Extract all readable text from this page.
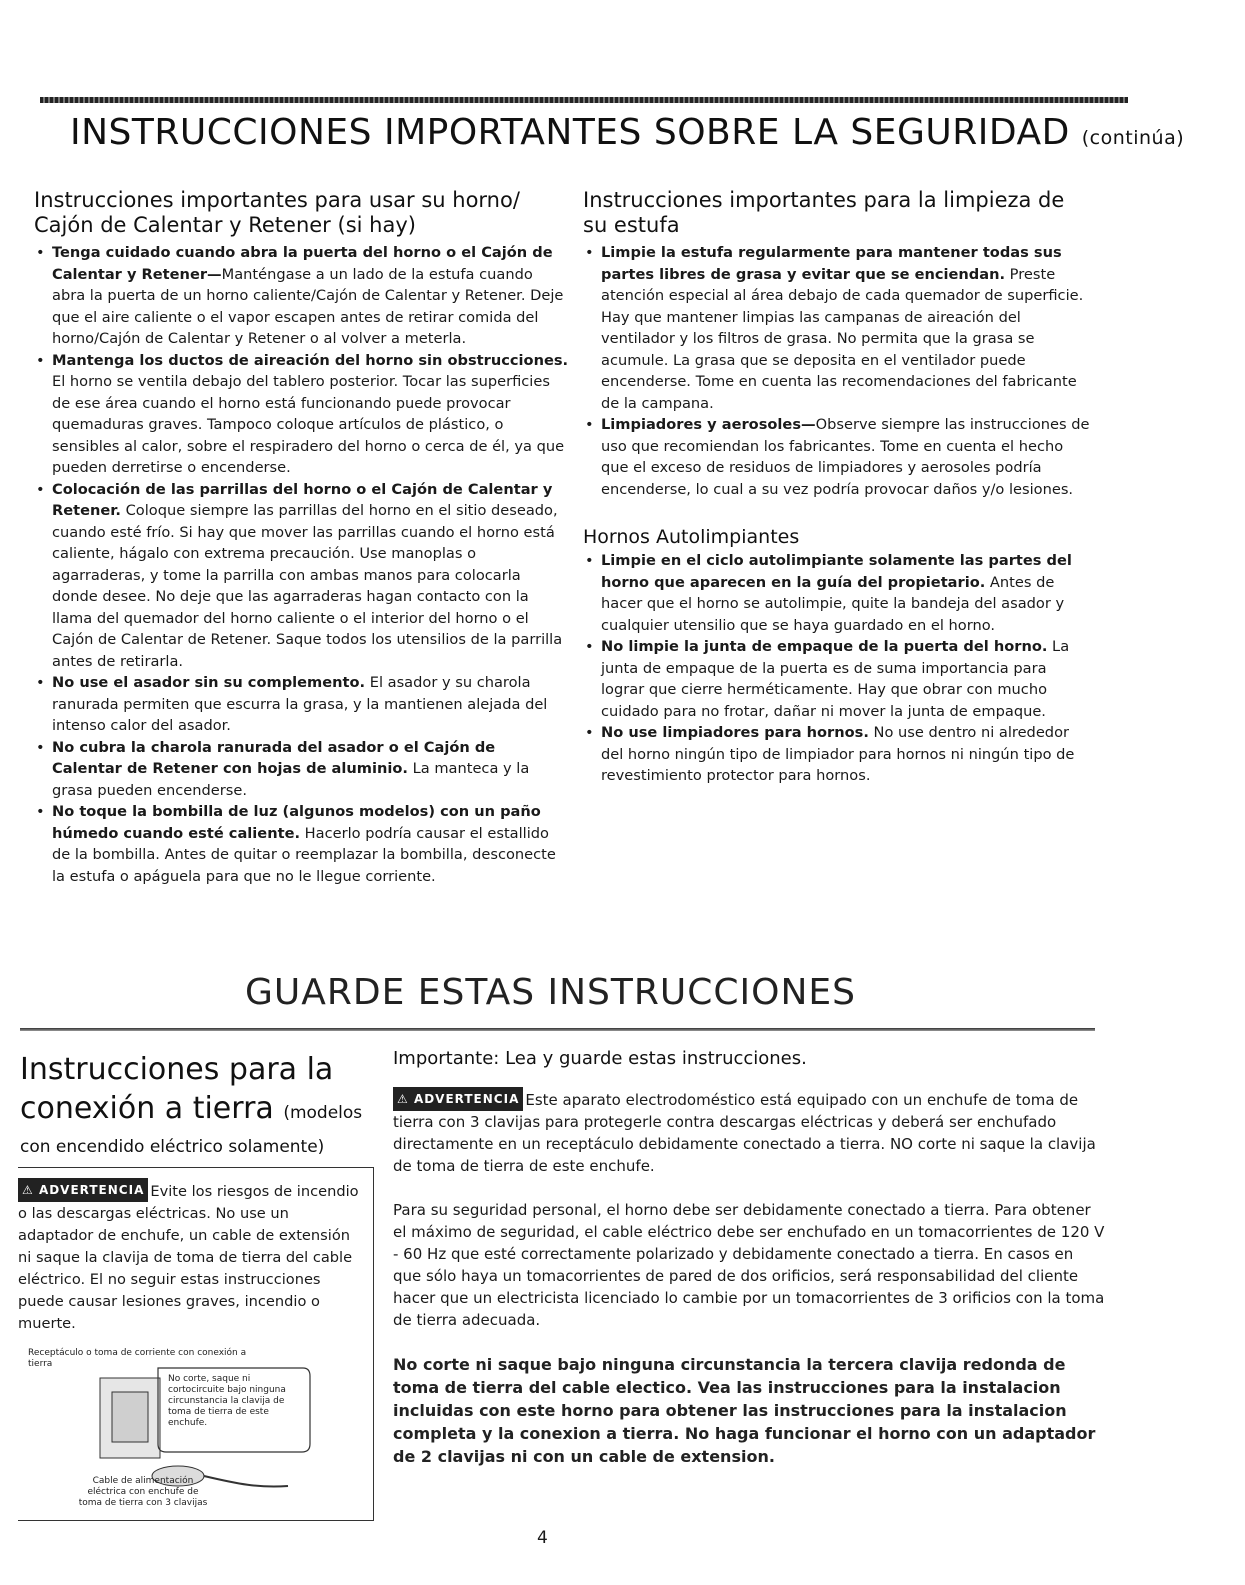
INSTRUCCIONES IMPORTANTES SOBRE LA SEGURIDAD (continúa)
Instrucciones importantes para usar su horno/ Cajón de Calentar y Retener (si hay)
• Tenga cuidado cuando abra la puerta del horno o el Cajón de Calentar y Retener—Manténgase a un lado de la estufa cuando abra la puerta de un horno caliente/Cajón de Calentar y Retener. Deje que el aire caliente o el vapor escapen antes de retirar comida del horno/Cajón de Calentar y Retener o al volver a meterla.
• Mantenga los ductos de aireación del horno sin obstrucciones. El horno se ventila debajo del tablero posterior. Tocar las superficies de ese área cuando el horno está funcionando puede provocar quemaduras graves. Tampoco coloque artículos de plástico, o sensibles al calor, sobre el respiradero del horno o cerca de él, ya que pueden derretirse o encenderse.
• Colocación de las parrillas del horno o el Cajón de Calentar y Retener. Coloque siempre las parrillas del horno en el sitio deseado, cuando esté frío. Si hay que mover las parrillas cuando el horno está caliente, hágalo con extrema precaución. Use manoplas o agarraderas, y tome la parrilla con ambas manos para colocarla donde desee. No deje que las agarraderas hagan contacto con la llama del quemador del horno caliente o el interior del horno o el Cajón de Calentar de Retener. Saque todos los utensilios de la parrilla antes de retirarla.
• No use el asador sin su complemento. El asador y su charola ranurada permiten que escurra la grasa, y la mantienen alejada del intenso calor del asador.
• No cubra la charola ranurada del asador o el Cajón de Calentar de Retener con hojas de aluminio. La manteca y la grasa pueden encenderse.
• No toque la bombilla de luz (algunos modelos) con un paño húmedo cuando esté caliente. Hacerlo podría causar el estallido de la bombilla. Antes de quitar o reemplazar la bombilla, desconecte la estufa o apáguela para que no le llegue corriente.
Instrucciones importantes para la limpieza de su estufa
• Limpie la estufa regularmente para mantener todas sus partes libres de grasa y evitar que se enciendan. Preste atención especial al área debajo de cada quemador de superficie. Hay que mantener limpias las campanas de aireación del ventilador y los filtros de grasa. No permita que la grasa se acumule. La grasa que se deposita en el ventilador puede encenderse. Tome en cuenta las recomendaciones del fabricante de la campana.
• Limpiadores y aerosoles—Observe siempre las instrucciones de uso que recomiendan los fabricantes. Tome en cuenta el hecho que el exceso de residuos de limpiadores y aerosoles podría encenderse, lo cual a su vez podría provocar daños y/o lesiones.
Hornos Autolimpiantes
• Limpie en el ciclo autolimpiante solamente las partes del horno que aparecen en la guía del propietario. Antes de hacer que el horno se autolimpie, quite la bandeja del asador y cualquier utensilio que se haya guardado en el horno.
• No limpie la junta de empaque de la puerta del horno. La junta de empaque de la puerta es de suma importancia para lograr que cierre herméticamente. Hay que obrar con mucho cuidado para no frotar, dañar ni mover la junta de empaque.
• No use limpiadores para hornos. No use dentro ni alrededor del horno ningún tipo de limpiador para hornos ni ningún tipo de revestimiento protector para hornos.
GUARDE ESTAS INSTRUCCIONES
Instrucciones para la
conexión a tierra (modelos
con encendido eléctrico solamente)
⚠ ADVERTENCIA Evite los riesgos de incendio o las descargas eléctricas. No use un adaptador de enchufe, un cable de extensión ni saque la clavija de toma de tierra del cable eléctrico. El no seguir estas instrucciones puede causar lesiones graves, incendio o muerte.
Receptáculo o toma de corriente con conexión a tierra
No corte, saque ni cortocircuite bajo ninguna circunstancia la clavija de toma de tierra de este enchufe.
Cable de alimentación eléctrica con enchufe de toma de tierra con 3 clavijas
Importante: Lea y guarde estas instrucciones.

⚠ ADVERTENCIA Este aparato electrodoméstico está equipado con un enchufe de toma de tierra con 3 clavijas para protegerle contra descargas eléctricas y deberá ser enchufado directamente en un receptáculo debidamente conectado a tierra. NO corte ni saque la clavija de toma de tierra de este enchufe.

Para su seguridad personal, el horno debe ser debidamente conectado a tierra. Para obtener el máximo de seguridad, el cable eléctrico debe ser enchufado en un tomacorrientes de 120 V - 60 Hz que esté correctamente polarizado y debidamente conectado a tierra. En casos en que sólo haya un tomacorrientes de pared de dos orificios, será responsabilidad del cliente hacer que un electricista licenciado lo cambie por un tomacorrientes de 3 orificios con la toma de tierra adecuada.

No corte ni saque bajo ninguna circunstancia la tercera clavija redonda de toma de tierra del cable electico. Vea las instrucciones para la instalacion incluidas con este horno para obtener las instrucciones para la instalacion completa y la conexion a tierra. No haga funcionar el horno con un adaptador de 2 clavijas ni con un cable de extension.

4
